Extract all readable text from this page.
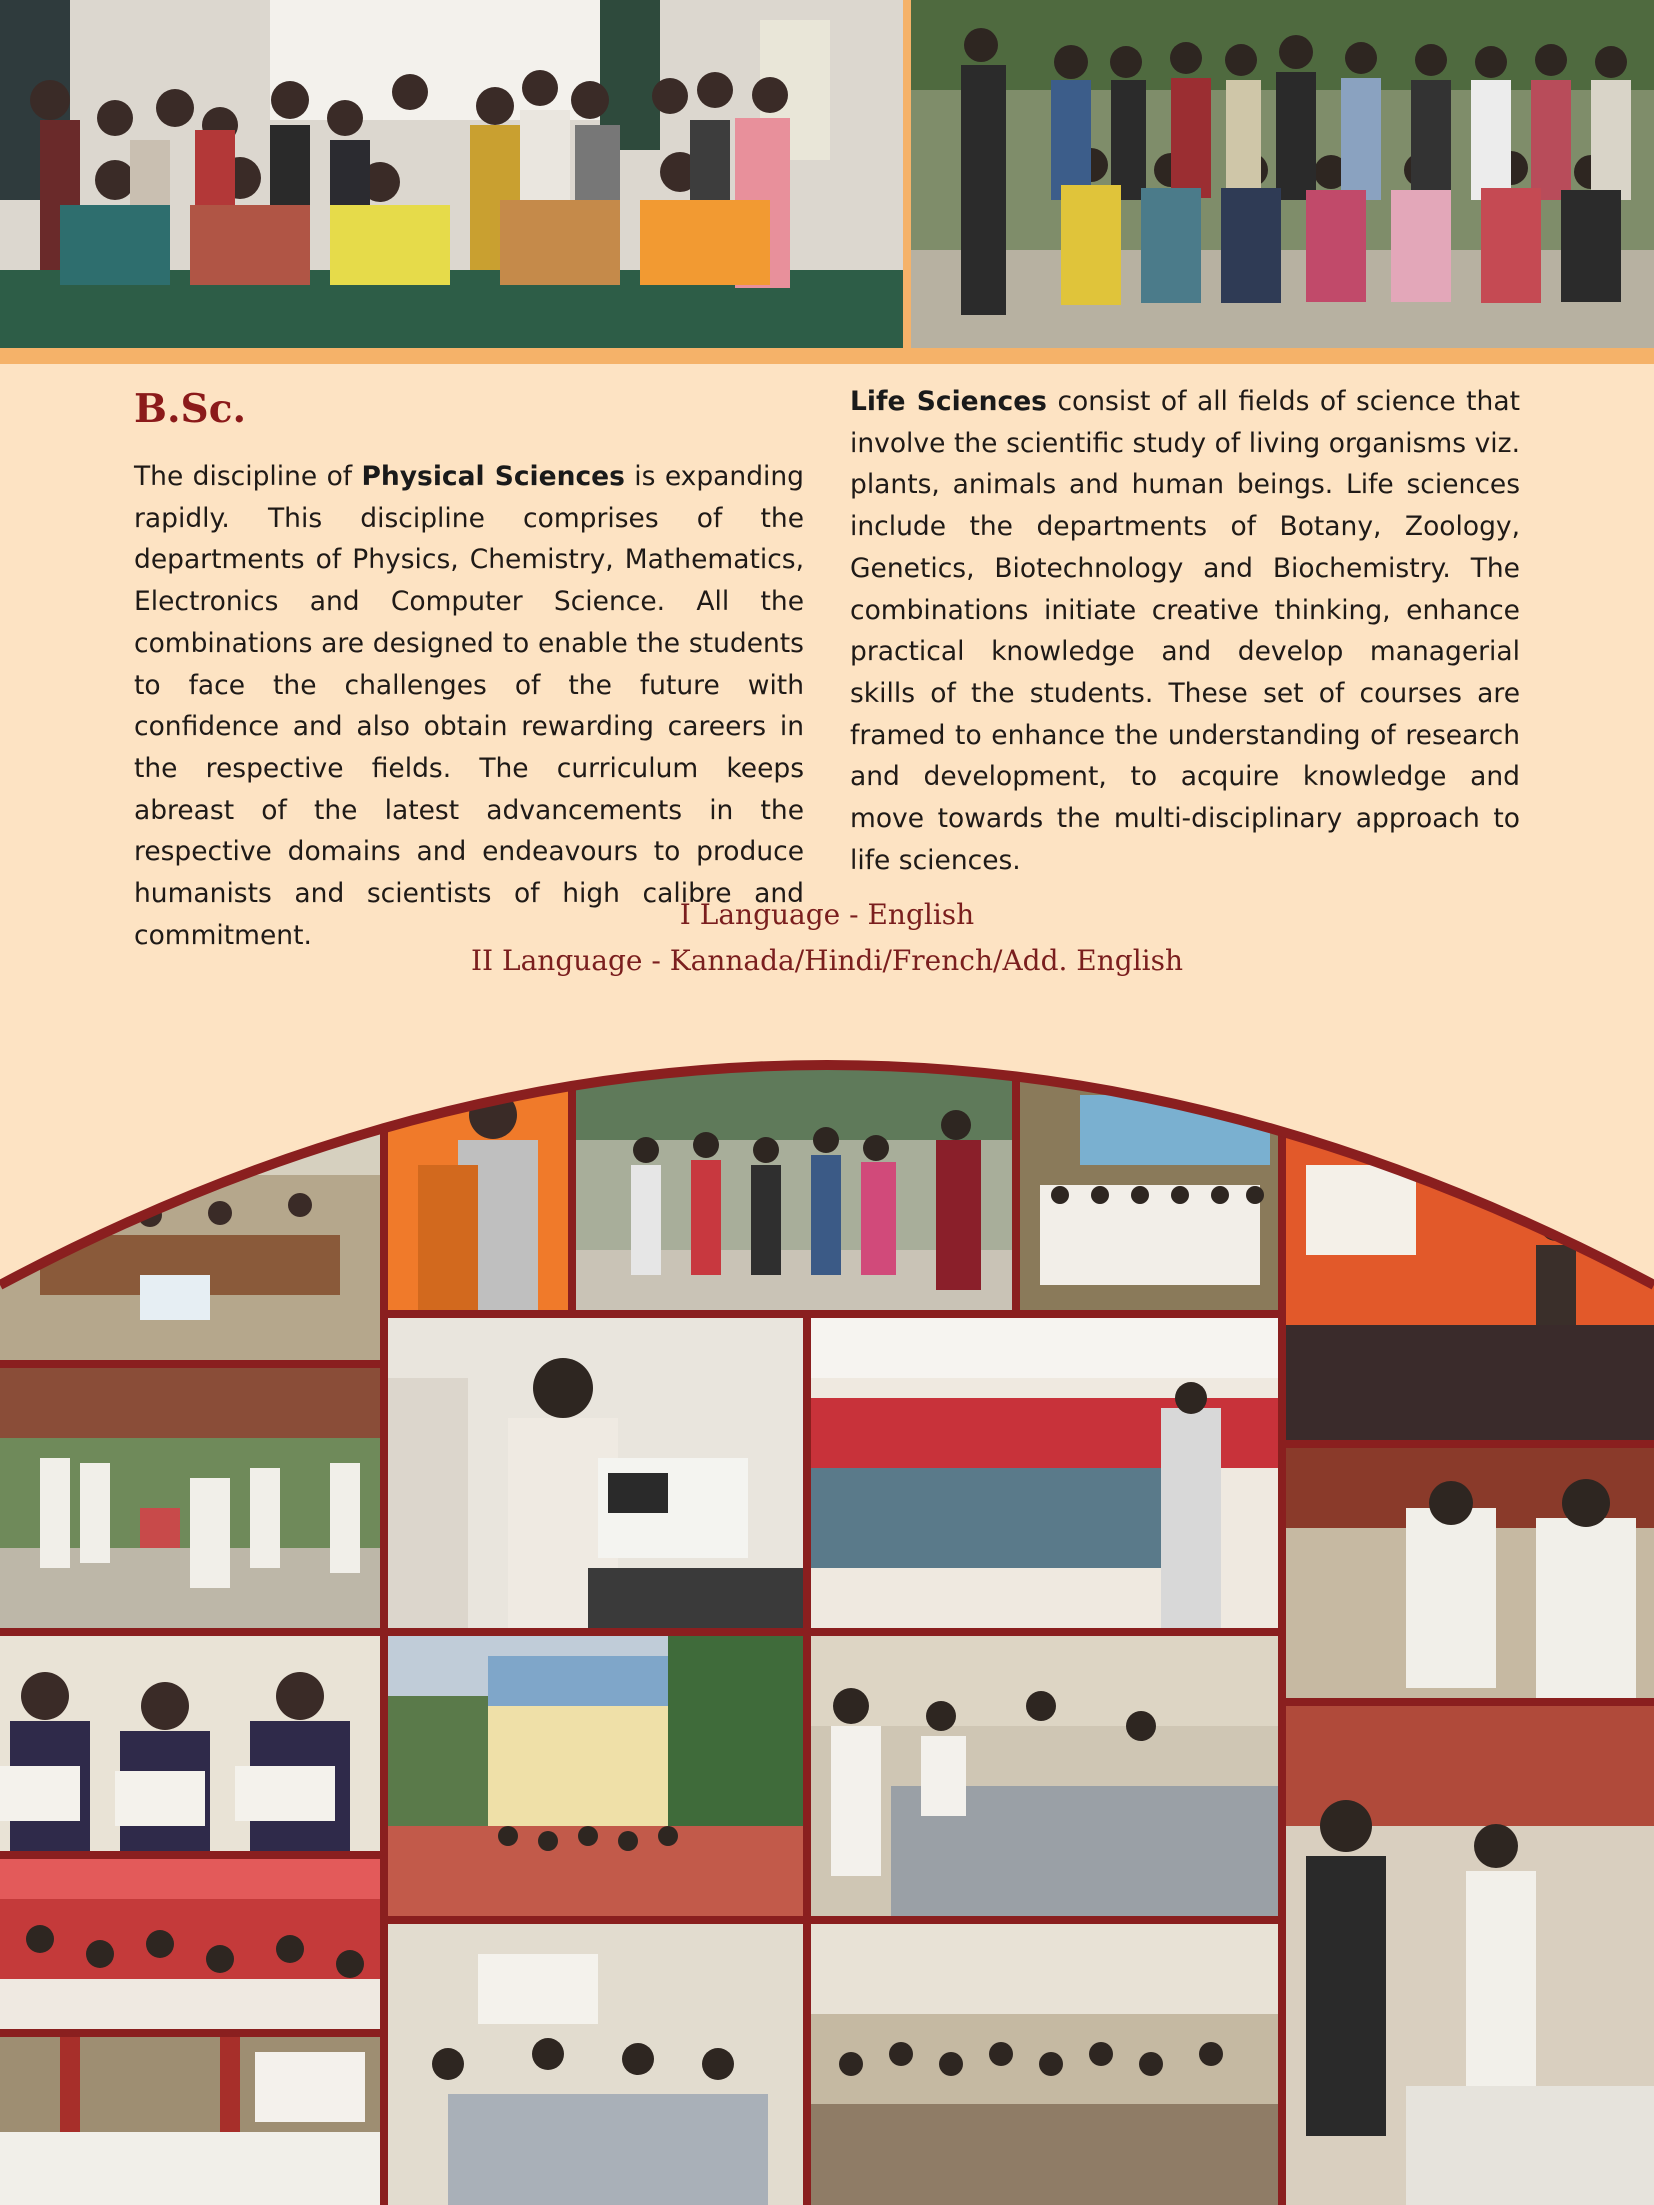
B.Sc.

The discipline of Physical Sciences is expanding rapidly. This discipline comprises of the departments of Physics, Chemistry, Mathematics, Electronics and Computer Science. All the combinations are designed to enable the students to face the challenges of the future with confidence and also obtain rewarding careers in the respective fields. The curriculum keeps abreast of the latest advancements in the respective domains and endeavours to produce humanists and scientists of high calibre and commitment.

Life Sciences consist of all fields of science that involve the scientific study of living organisms viz. plants, animals and human beings. Life sciences include the departments of Botany, Zoology, Genetics, Biotechnology and Biochemistry. The combinations initiate creative thinking, enhance practical knowledge and develop managerial skills of the students. These set of courses are framed to enhance the understanding of research and development, to acquire knowledge and move towards the multi-disciplinary approach to life sciences.

I Language - English

II Language - Kannada/Hindi/French/Add. English
